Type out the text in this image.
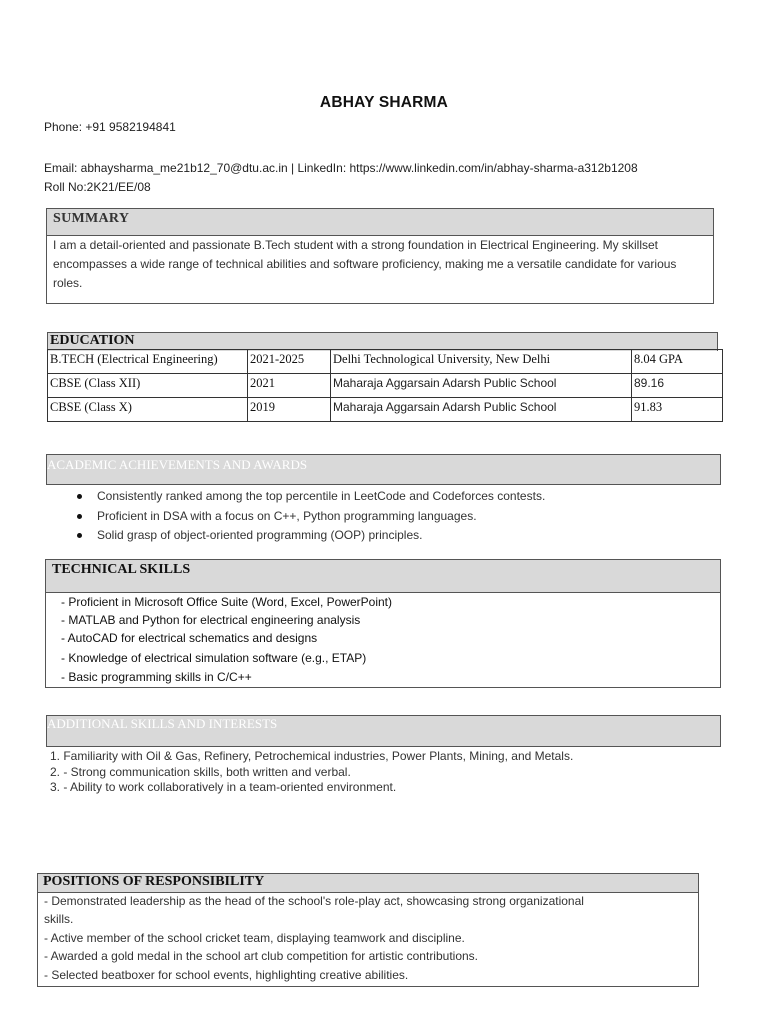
ABHAY SHARMA
Phone: +91 9582194841
Email: abhaysharma_me21b12_70@dtu.ac.in | LinkedIn: https://www.linkedin.com/in/abhay-sharma-a312b1208
Roll No:2K21/EE/08
SUMMARY
I am a detail-oriented and passionate B.Tech student with a strong foundation in Electrical Engineering. My skillset
encompasses a wide range of technical abilities and software proficiency, making me a versatile candidate for various
roles.
EDUCATION
B.TECH (Electrical Engineering)	2021-2025	Delhi Technological University, New Delhi	8.04 GPA
CBSE (Class XII)	2021	Maharaja Aggarsain Adarsh Public School	89.16
CBSE (Class X)	2019	Maharaja Aggarsain Adarsh Public School	91.83
ACADEMIC ACHIEVEMENTS AND AWARDS
Consistently ranked among the top percentile in LeetCode and Codeforces contests.
Proficient in DSA with a focus on C++, Python programming languages.
Solid grasp of object-oriented programming (OOP) principles.
TECHNICAL SKILLS
- Proficient in Microsoft Office Suite (Word, Excel, PowerPoint)
- MATLAB and Python for electrical engineering analysis
- AutoCAD for electrical schematics and designs
- Knowledge of electrical simulation software (e.g., ETAP)
- Basic programming skills in C/C++
ADDITIONAL SKILLS AND INTERESTS
1. Familiarity with Oil & Gas, Refinery, Petrochemical industries, Power Plants, Mining, and Metals.
2. - Strong communication skills, both written and verbal.
3. - Ability to work collaboratively in a team-oriented environment.
POSITIONS OF RESPONSIBILITY
- Demonstrated leadership as the head of the school's role-play act, showcasing strong organizational
skills.
- Active member of the school cricket team, displaying teamwork and discipline.
- Awarded a gold medal in the school art club competition for artistic contributions.
- Selected beatboxer for school events, highlighting creative abilities.
